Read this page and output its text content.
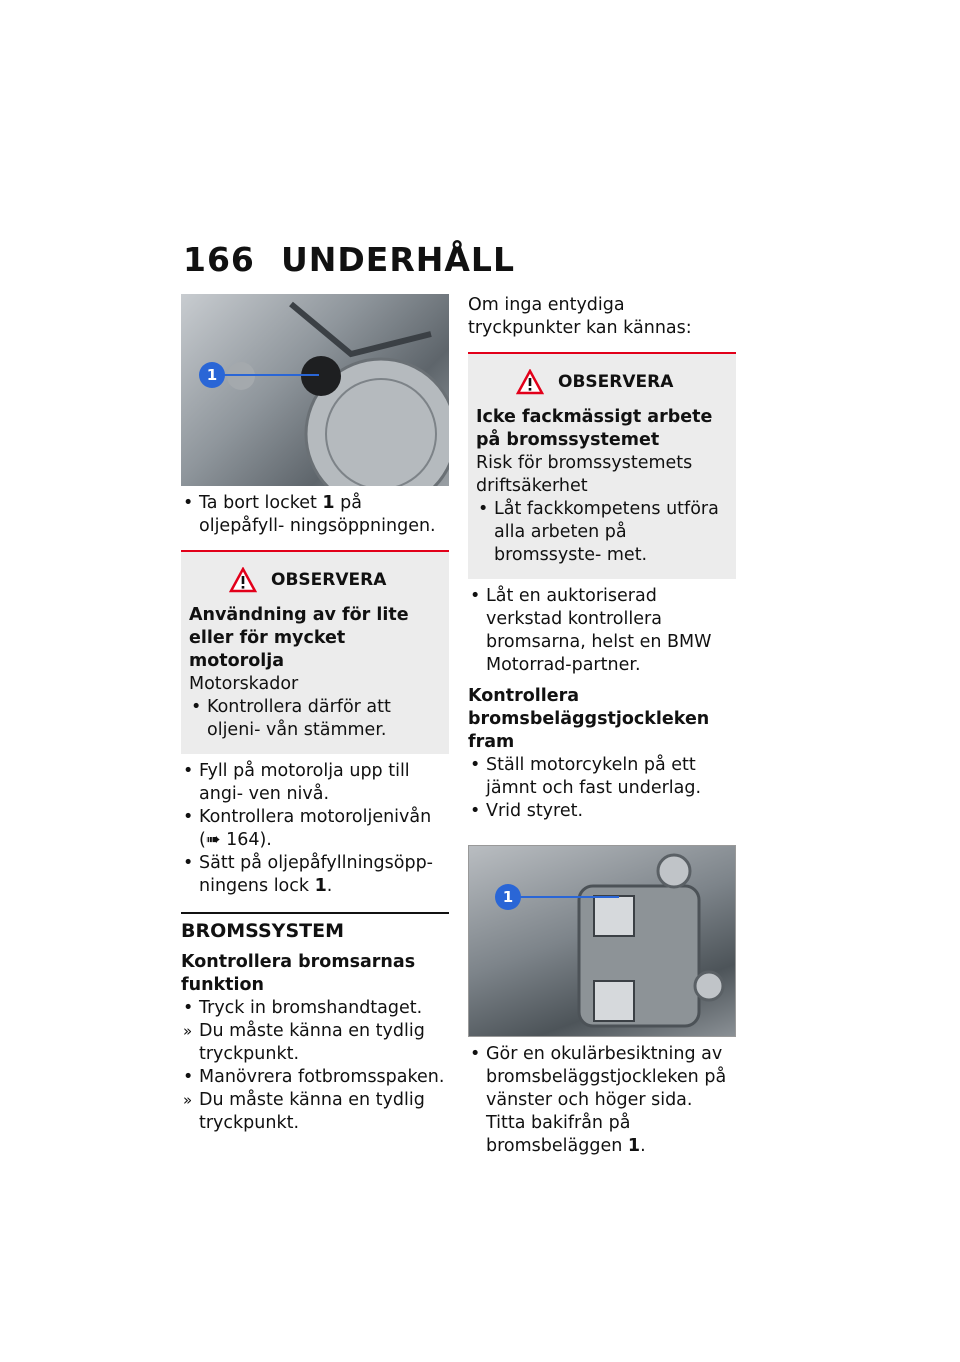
166 UNDERHÅLL
1

• Ta bort locket 1 på oljepåfyll- ningsöppningen.

OBSERVERA
Användning av för lite eller för mycket motorolja
Motorskador

• Kontrollera därför att oljeni- vån stämmer.

• Fyll på motorolja upp till angi- ven nivå.

• Kontrollera motoroljenivån
(➠ 164).

• Sätt på oljepåfyllningsöpp- ningens lock 1.

BROMSSYSTEM
Kontrollera bromsarnas funktion

• Tryck in bromshandtaget.

» Du måste känna en tydlig tryckpunkt.

• Manövrera fotbromsspaken.

» Du måste känna en tydlig tryckpunkt.

Om inga entydiga tryckpunkter kan kännas:
OBSERVERA
Icke fackmässigt arbete på bromssystemet
Risk för bromssystemets driftsäkerhet

• Låt fackkompetens utföra alla arbeten på bromssyste- met.

• Låt en auktoriserad verkstad kontrollera bromsarna, helst en BMW Motorrad-partner.

Kontrollera bromsbeläggstjockleken fram

• Ställ motorcykeln på ett jämnt och fast underlag.

• Vrid styret.

1

• Gör en okulärbesiktning av bromsbeläggstjockleken på vänster och höger sida. Titta bakifrån på bromsbeläggen 1.
